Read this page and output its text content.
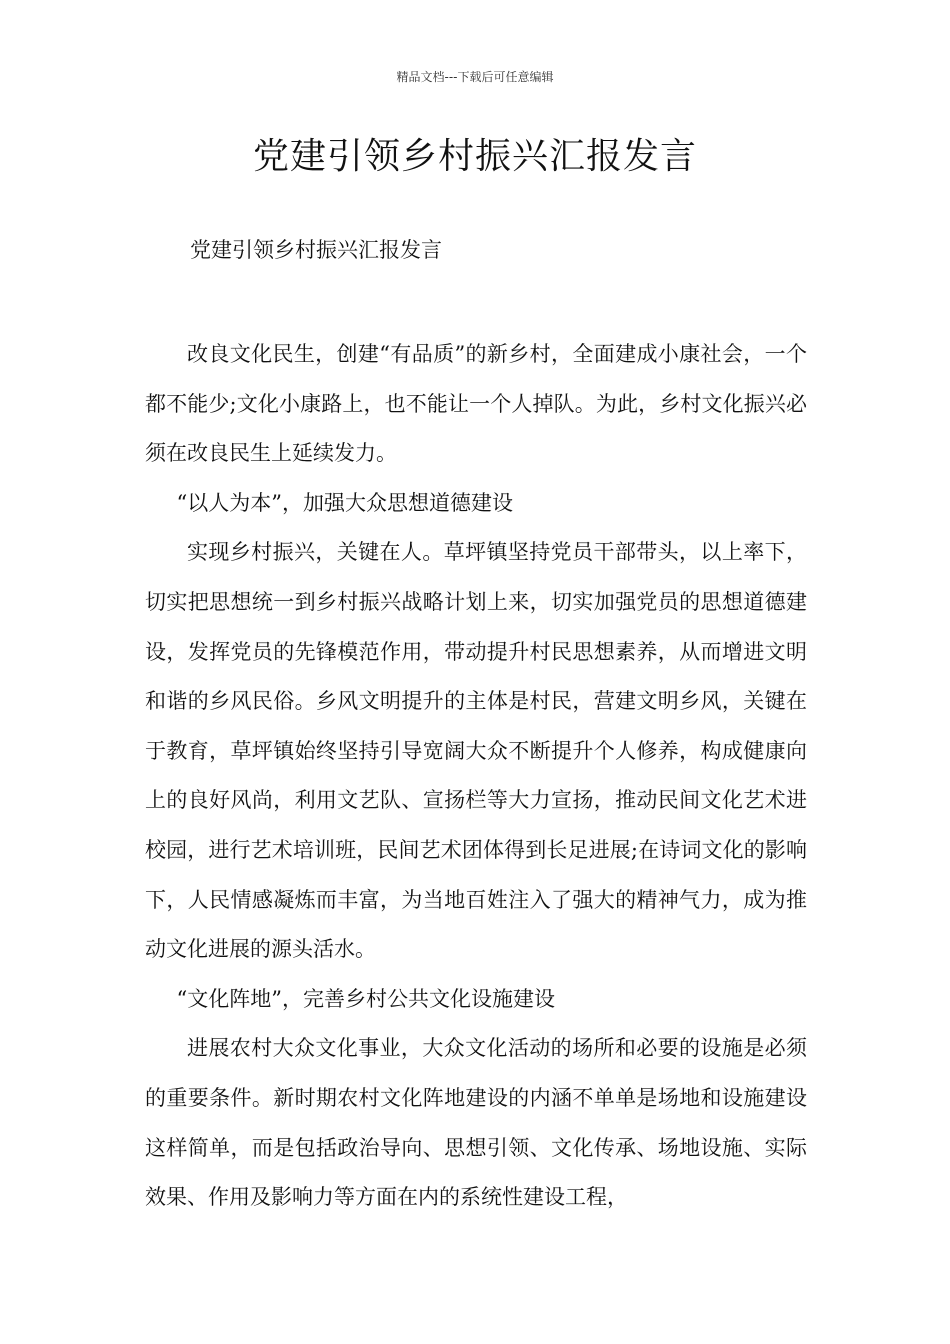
精品文档---下载后可任意编辑
党建引领乡村振兴汇报发言

党建引领乡村振兴汇报发言

改良文化民生，创建“有品质”的新乡村，全面建成小康社会，一个都不能少;文化小康路上，也不能让一个人掉队。为此，乡村文化振兴必须在改良民生上延续发力。

“以人为本”，加强大众思想道德建设

实现乡村振兴，关键在人。草坪镇坚持党员干部带头，以上率下，切实把思想统一到乡村振兴战略计划上来，切实加强党员的思想道德建设，发挥党员的先锋模范作用，带动提升村民思想素养，从而增进文明和谐的乡风民俗。乡风文明提升的主体是村民，营建文明乡风，关键在于教育，草坪镇始终坚持引导宽阔大众不断提升个人修养，构成健康向上的良好风尚，利用文艺队、宣扬栏等大力宣扬，推动民间文化艺术进校园，进行艺术培训班，民间艺术团体得到长足进展;在诗词文化的影响下，人民情感凝炼而丰富，为当地百姓注入了强大的精神气力，成为推动文化进展的源头活水。

“文化阵地”，完善乡村公共文化设施建设

进展农村大众文化事业，大众文化活动的场所和必要的设施是必须的重要条件。新时期农村文化阵地建设的内涵不单单是场地和设施建设这样简单，而是包括政治导向、思想引领、文化传承、场地设施、实际效果、作用及影响力等方面在内的系统性建设工程，
